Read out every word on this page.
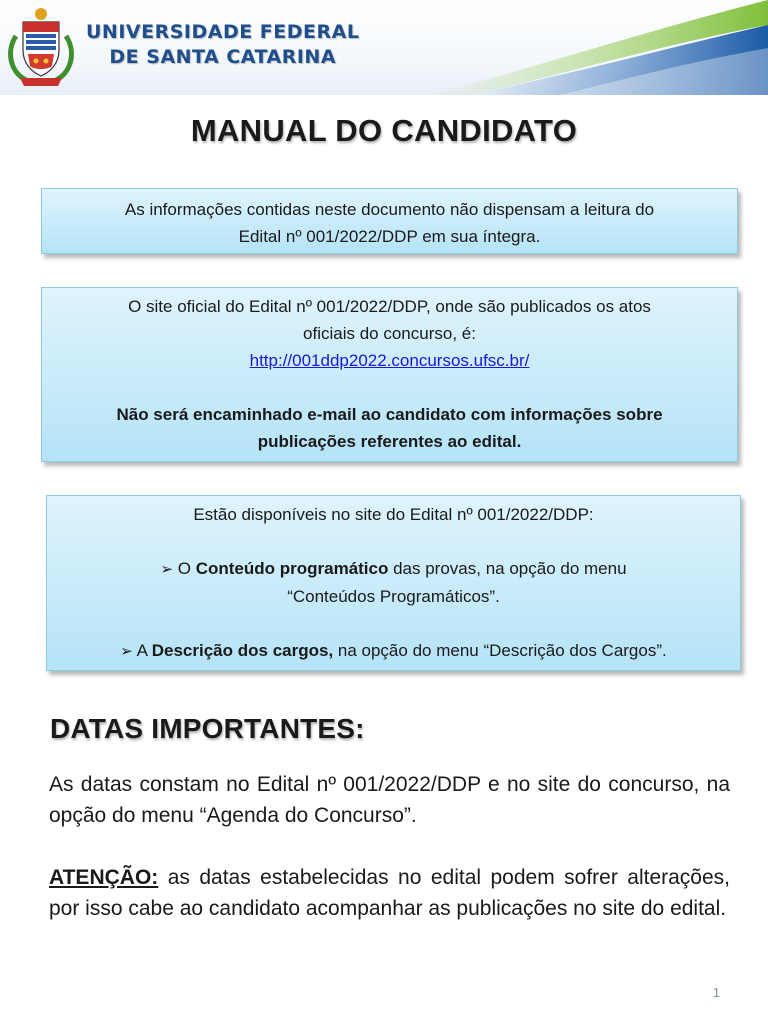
UNIVERSIDADE FEDERAL
DE SANTA CATARINA
MANUAL DO CANDIDATO
As informações contidas neste documento não dispensam a leitura do
Edital nº 001/2022/DDP em sua íntegra.
O site oficial do Edital nº 001/2022/DDP, onde são publicados os atos
oficiais do concurso, é:
http://001ddp2022.concursos.ufsc.br/
Não será encaminhado e-mail ao candidato com informações sobre
publicações referentes ao edital.
Estão disponíveis no site do Edital nº 001/2022/DDP:
➢ O Conteúdo programático das provas, na opção do menu
“Conteúdos Programáticos”.
➢ A Descrição dos cargos, na opção do menu “Descrição dos Cargos”.
DATAS IMPORTANTES:
As datas constam no Edital nº 001/2022/DDP e no site do concurso, na opção do menu “Agenda do Concurso”.
ATENÇÃO: as datas estabelecidas no edital podem sofrer alterações, por isso cabe ao candidato acompanhar as publicações no site do edital.
1
